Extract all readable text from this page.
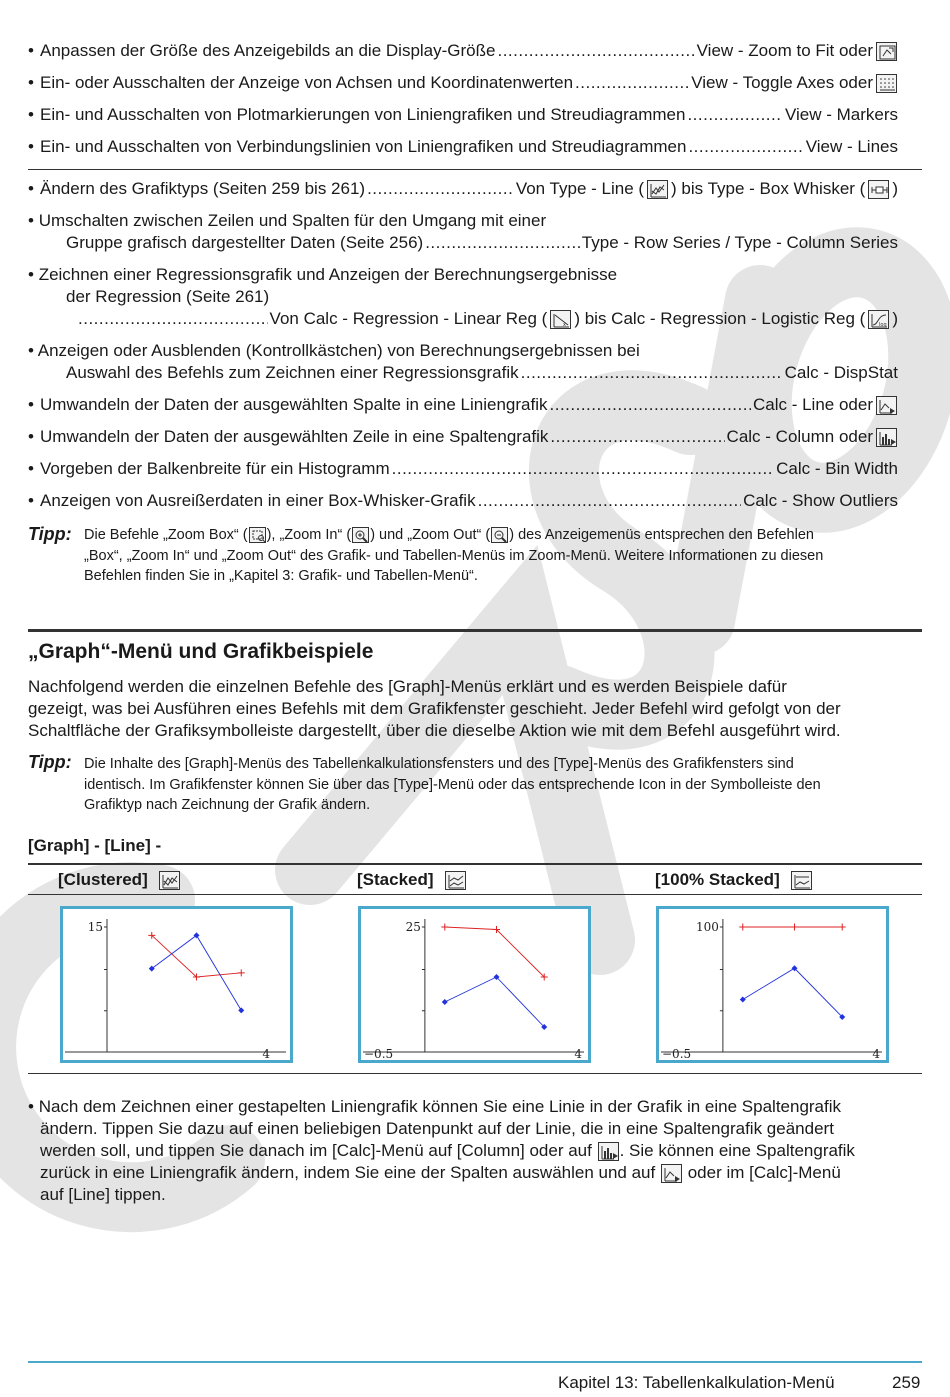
• Anpassen der Größe des Anzeigebilds an die Display-Größe .....	View - Zoom to Fit oder
• Ein- oder Ausschalten der Anzeige von Achsen und Koordinatenwerten .....	View - Toggle Axes oder
• Ein- und Ausschalten von Plotmarkierungen von Liniengrafiken und Streudiagrammen .....	View - Markers
• Ein- und Ausschalten von Verbindungslinien von Liniengrafiken und Streudiagrammen .....	View - Lines
• Ändern des Grafiktyps (Seiten 259 bis 261) .....	Von Type - Line ( ) bis Type - Box Whisker ( )
• Umschalten zwischen Zeilen und Spalten für den Umgang mit einer
Gruppe grafisch dargestellter Daten (Seite 256) .....	Type - Row Series / Type - Column Series
• Zeichnen einer Regressionsgrafik und Anzeigen der Berechnungsergebnisse
der Regression (Seite 261)
.....
Von Calc - Regression - Linear Reg (	x ) bis Calc - Regression - Logistic Reg (	log )
• Anzeigen oder Ausblenden (Kontrollkästchen) von Berechnungsergebnissen bei
Auswahl des Befehls zum Zeichnen einer Regressionsgrafik .....	Calc - DispStat
• Umwandeln der Daten der ausgewählten Spalte in eine Liniengrafik .....	Calc - Line oder
• Umwandeln der Daten der ausgewählten Zeile in eine Spaltengrafik .....	Calc - Column oder
• Vorgeben der Balkenbreite für ein Histogramm .....	Calc - Bin Width
• Anzeigen von Ausreißerdaten in einer Box-Whisker-Grafik .....	Calc - Show Outliers
Tipp: Die Befehle „Zoom Box“ ( ), „Zoom In“ ( ) und „Zoom Out“ ( ) des Anzeigemenüs entsprechen den Befehlen
„Box“, „Zoom In“ und „Zoom Out“ des Grafik- und Tabellen-Menüs im Zoom-Menü. Weitere Informationen zu diesen
Befehlen finden Sie in „Kapitel 3: Grafik- und Tabellen-Menü“.
„Graph“-Menü und Grafikbeispiele
Nachfolgend werden die einzelnen Befehle des [Graph]-Menüs erklärt und es werden Beispiele dafür
gezeigt, was bei Ausführen eines Befehls mit dem Grafikfenster geschieht. Jeder Befehl wird gefolgt von der
Schaltfläche der Grafiksymbolleiste dargestellt, über die dieselbe Aktion wie mit dem Befehl ausgeführt wird.
Tipp: Die Inhalte des [Graph]-Menüs des Tabellenkalkulationsfensters und des [Type]-Menüs des Grafikfensters sind
identisch. Im Grafikfenster können Sie über das [Type]-Menü oder das entsprechende Icon in der Symbolleiste den
Grafiktyp nach Zeichnung der Grafik ändern.
[Graph] - [Line] -
[Clustered]	[Stacked]	[100% Stacked]
15
4
25
−0.5	4
100
−0.5	4
• Nach dem Zeichnen einer gestapelten Liniengrafik können Sie eine Linie in der Grafik in eine Spaltengrafik
ändern. Tippen Sie dazu auf einen beliebigen Datenpunkt auf der Linie, die in eine Spaltengrafik geändert
werden soll, und tippen Sie danach im [Calc]-Menü auf [Column] oder auf . Sie können eine Spaltengrafik
zurück in eine Liniengrafik ändern, indem Sie eine der Spalten auswählen und auf oder im [Calc]-Menü
auf [Line] tippen.
Kapitel 13: Tabellenkalkulation-Menü	259
